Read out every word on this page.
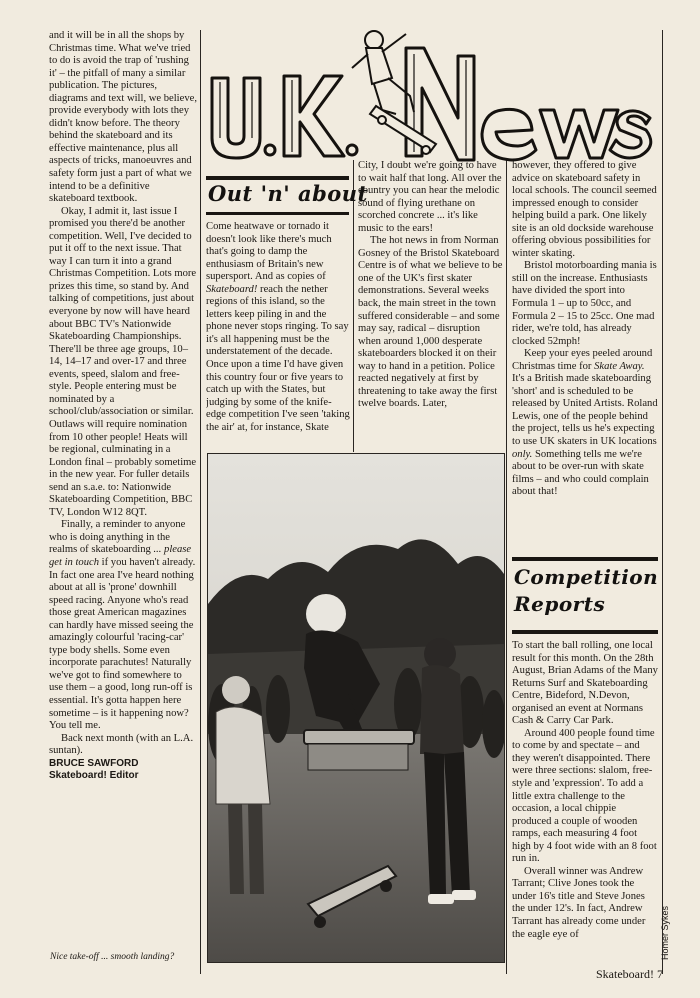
and it will be in all the shops by Christmas time. What we've tried to do is avoid the trap of 'rushing it' – the pitfall of many a similar publication. The pictures, diagrams and text will, we believe, provide everybody with lots they didn't know before. The theory behind the skateboard and its effective maintenance, plus all aspects of tricks, manoeuvres and safety form just a part of what we intend to be a definitive skateboard textbook.

Okay, I admit it, last issue I promised you there'd be another competition. Well, I've decided to put it off to the next issue. That way I can turn it into a grand Christmas Competition. Lots more prizes this time, so stand by. And talking of competitions, just about everyone by now will have heard about BBC TV's Nationwide Skateboarding Championships. There'll be three age groups, 10–14, 14–17 and over-17 and three events, speed, slalom and free-style. People entering must be nominated by a school/club/association or similar. Outlaws will require nomination from 10 other people! Heats will be regional, culminating in a London final – probably sometime in the new year. For fuller details send an s.a.e. to: Nationwide Skateboarding Competition, BBC TV, London W12 8QT.

Finally, a reminder to anyone who is doing anything in the realms of skateboarding ... please get in touch if you haven't already. In fact one area I've heard nothing about at all is 'prone' downhill speed racing. Anyone who's read those great American magazines can hardly have missed seeing the amazingly colourful 'racing-car' type body shells. Some even incorporate parachutes! Naturally we've got to find somewhere to use them – a good, long run-off is essential. It's gotta happen here sometime – is it happening now? You tell me.

Back next month (with an L.A. suntan).

BRUCE SAWFORD
Skateboard! Editor
Out 'n' about

Come heatwave or tornado it doesn't look like there's much that's going to damp the enthusiasm of Britain's new supersport. And as copies of Skateboard! reach the nether regions of this island, so the letters keep piling in and the phone never stops ringing. To say it's all happening must be the understatement of the decade. Once upon a time I'd have given this country four or five years to catch up with the States, but judging by some of the knife-edge competition I've seen 'taking the air' at, for instance, Skate

City, I doubt we're going to have to wait half that long. All over the country you can hear the melodic sound of flying urethane on scorched concrete ... it's like music to the ears!

The hot news in from Norman Gosney of the Bristol Skateboard Centre is of what we believe to be one of the UK's first skater demonstrations. Several weeks back, the main street in the town suffered considerable – and some may say, radical – disruption when around 1,000 desperate skateboarders blocked it on their way to hand in a petition. Police reacted negatively at first by threatening to take away the first twelve boards. Later,

however, they offered to give advice on skateboard safety in local schools. The council seemed impressed enough to consider helping build a park. One likely site is an old dockside warehouse offering obvious possibilities for winter skating.

Bristol motorboarding mania is still on the increase. Enthusiasts have divided the sport into Formula 1 – up to 50cc, and Formula 2 – 15 to 25cc. One mad rider, we're told, has already clocked 52mph!

Keep your eyes peeled around Christmas time for Skate Away. It's a British made skateboarding 'short' and is scheduled to be released by United Artists. Roland Lewis, one of the people behind the project, tells us he's expecting to use UK skaters in UK locations only. Something tells me we're about to be over-run with skate films – and who could complain about that!

Competition
Reports

To start the ball rolling, one local result for this month. On the 28th August, Brian Adams of the Many Returns Surf and Skateboarding Centre, Bideford, N.Devon, organised an event at Normans Cash & Carry Car Park.

Around 400 people found time to come by and spectate – and they weren't disappointed. There were three sections: slalom, free-style and 'expression'. To add a little extra challenge to the occasion, a local chippie produced a couple of wooden ramps, each measuring 4 foot high by 4 foot wide with an 8 foot run in.

Overall winner was Andrew Tarrant; Clive Jones took the under 16's title and Steve Jones the under 12's. In fact, Andrew Tarrant has already come under the eagle eye of

Nice take-off ... smooth landing?	Homer Sykes
Skateboard! 7
